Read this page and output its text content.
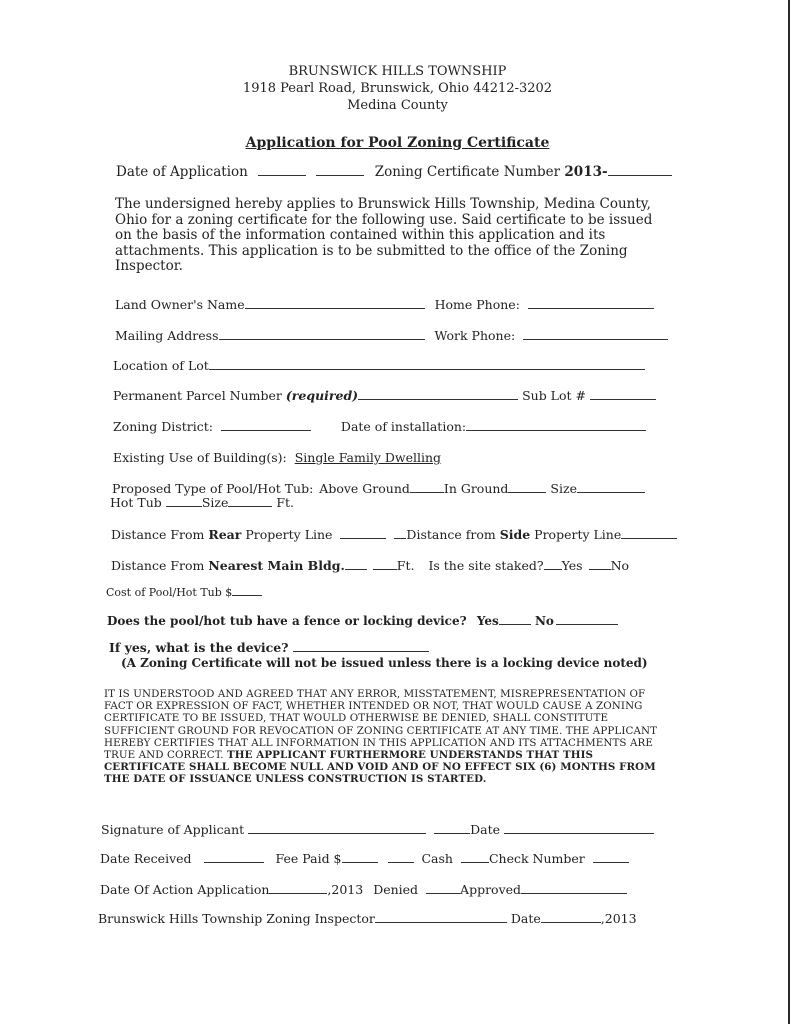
BRUNSWICK HILLS TOWNSHIP
1918 Pearl Road, Brunswick, Ohio 44212-3202
Medina County
Application for Pool Zoning Certificate
Date of Application	Zoning Certificate Number 2013-
The undersigned hereby applies to Brunswick Hills Township, Medina County, Ohio for a zoning certificate for the following use. Said certificate to be issued on the basis of the information contained within this application and its attachments. This application is to be submitted to the office of the Zoning Inspector.
Land Owner's Name	Home Phone:
Mailing Address	Work Phone:
Location of Lot
Permanent Parcel Number (required)	Sub Lot #
Zoning District:	Date of installation:
Existing Use of Building(s): Single Family Dwelling
Proposed Type of Pool/Hot Tub: Above Ground	In Ground	Size
Hot Tub	Size	Ft.
Distance From Rear Property Line	Distance from Side Property Line
Distance From Nearest Main Bldg.	Ft. Is the site staked? Yes No
Cost of Pool/Hot Tub $
Does the pool/hot tub have a fence or locking device? Yes	No
If yes, what is the device?
(A Zoning Certificate will not be issued unless there is a locking device noted)
IT IS UNDERSTOOD AND AGREED THAT ANY ERROR, MISSTATEMENT, MISREPRESENTATION OF FACT OR EXPRESSION OF FACT, WHETHER INTENDED OR NOT, THAT WOULD CAUSE A ZONING CERTIFICATE TO BE ISSUED, THAT WOULD OTHERWISE BE DENIED, SHALL CONSTITUTE SUFFICIENT GROUND FOR REVOCATION OF ZONING CERTIFICATE AT ANY TIME. THE APPLICANT HEREBY CERTIFIES THAT ALL INFORMATION IN THIS APPLICATION AND ITS ATTACHMENTS ARE TRUE AND CORRECT. THE APPLICANT FURTHERMORE UNDERSTANDS THAT THIS CERTIFICATE SHALL BECOME NULL AND VOID AND OF NO EFFECT SIX (6) MONTHS FROM THE DATE OF ISSUANCE UNLESS CONSTRUCTION IS STARTED.
Signature of Applicant	Date
Date Received	Fee Paid $	Cash	Check Number
Date Of Action Application	,2013 Denied	Approved
Brunswick Hills Township Zoning Inspector	Date	,2013
